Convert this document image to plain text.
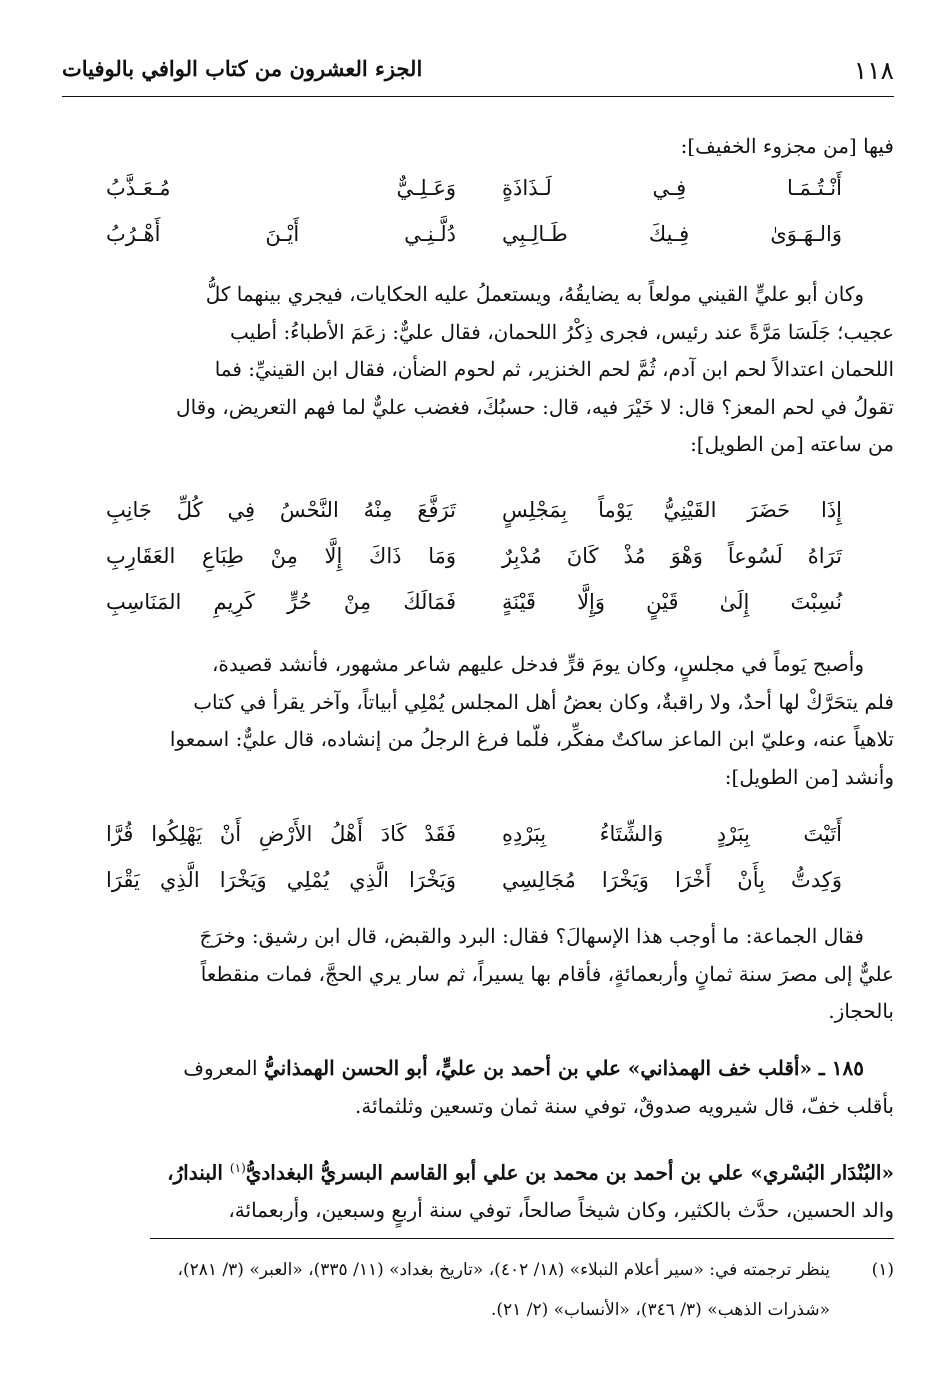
١١٨
الجزء العشرون من كتاب الوافي بالوفيات

فيها [من مجزوء الخفيف]:

أَنْـتُـمَـا فِـي لَـذَاذَةٍ
وَعَـلِـيٌّ مُـعَـذَّبُ
وَالـهَـوَىٰ فِـيكَ طَـالِـبِي
دُلَّـنِـي أَيْـنَ أَهْـرُبُ

وكان أبو عليٍّ القيني مولعاً به يضايقُهُ، ويستعملُ عليه الحكايات، فيجري بينهما كلُّ

عجيب؛ جَلَسَا مَرَّةً عند رئيس، فجرى ذِكْرُ اللحمان، فقال عليٌّ: زعَمَ الأطباءُ: أطيب

اللحمان اعتدالاً لحم ابن آدم، ثُمَّ لحم الخنزير، ثم لحوم الضأن، فقال ابن القينيِّ: فما

تقولُ في لحم المعز؟ قال: لا خَيْرَ فيه، قال: حسبُكَ، فغضب عليٌّ لما فهم التعريض، وقال

من ساعته [من الطويل]:

إِذَا حَضَرَ القَيْنِيُّ يَوْماً بِمَجْلِسٍ
تَرَفَّعَ مِنْهُ النَّحْسُ فِي كُلِّ جَانِبِ
تَرَاهُ لَسُوعاً وَهْوَ مُذْ كَانَ مُدْبِرٌ
وَمَا ذَاكَ إِلَّا مِنْ طِبَاعِ العَقَارِبِ
نُسِبْتَ إِلَىٰ قَيْنٍ وَإِلَّا قَيْنَةٍ
فَمَالَكَ مِنْ حُرٍّ كَرِيمِ المَنَاسِبِ

وأصبح يَوماً في مجلسٍ، وكان يومَ قرٍّ فدخل عليهم شاعر مشهور، فأنشد قصيدة،

فلم يتحَرَّكْ لها أحدٌ، ولا راقبةٌ، وكان بعضُ أهل المجلس يُمْلِي أبياتاً، وآخر يقرأ في كتاب

تلاهياً عنه، وعليّ ابن الماعز ساكتٌ مفكِّر، فلّما فرغ الرجلُ من إنشاده، قال عليٌّ: اسمعوا

وأنشد [من الطويل]:

أَتَيْتَ بِبَرْدٍ وَالشِّتَاءُ بِبَرْدِهِ
فَقَدْ كَادَ أَهْلُ الأَرْضِ أَنْ يَهْلِكُوا قُرَّا
وَكِدتُّ بِأَنْ أَخْرَا وَيَخْرَا مُجَالِسِي
وَيَخْرَا الَّذِي يُمْلِي وَيَخْرَا الَّذِي يَقْرَا

فقال الجماعة: ما أوجب هذا الإسهالَ؟ فقال: البرد والقبض، قال ابن رشيق: وخرَجَ

عليٌّ إلى مصرَ سنة ثمانٍ وأربعمائةٍ، فأقام بها يسيراً، ثم سار يري الحجَّ، فمات منقطعاً

بالحجاز.

١٨٥ ـ «أقلب خف الهمذاني» علي بن أحمد بن عليٍّ، أبو الحسن الهمذانيُّ المعروف

بأقلب خفّ، قال شيرويه صدوقٌ، توفي سنة ثمان وتسعين وثلثمائة.

«البُنْدَار البُسْري» علي بن أحمد بن محمد بن علي أبو القاسم البسريُّ البغداديُّ$^{(١)}$ البندارُ،

والد الحسين، حدَّث بالكثير، وكان شيخاً صالحاً، توفي سنة أربعٍ وسبعين، وأربعمائة،

(١)

ينظر ترجمته في: «سير أعلام النبلاء» (١٨/ ٤٠٢)، «تاريخ بغداد» (١١/ ٣٣٥)، «العبر» (٣/ ٢٨١)،

«شذرات الذهب» (٣/ ٣٤٦)، «الأنساب» (٢/ ٢١).
